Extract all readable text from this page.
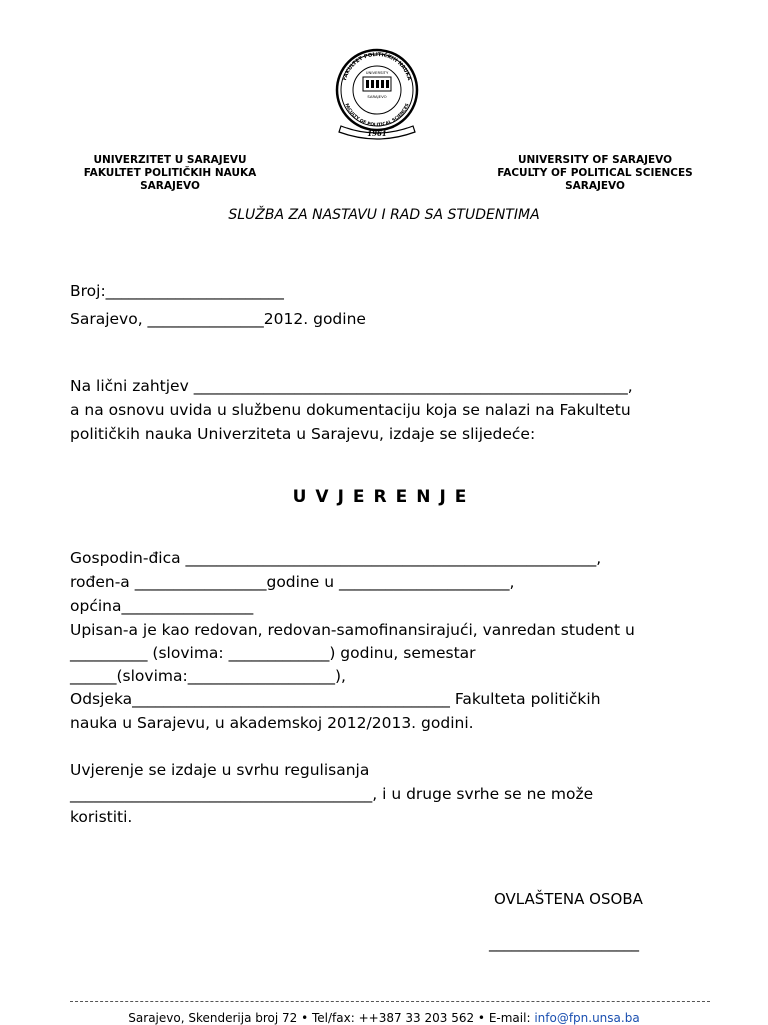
FAKULTET POLITIČKIH NAUKA
FACULTY OF POLITICAL SCIENCES
UNIVERSITY
SARAJEVO
1961
UNIVERZITET U SARAJEVU
FAKULTET POLITIČKIH NAUKA
SARAJEVO
UNIVERSITY OF SARAJEVO
FACULTY OF POLITICAL SCIENCES
SARAJEVO
SLUŽBA ZA NASTAVU I RAD SA STUDENTIMA
Broj:_______________________
Sarajevo, _______________2012. godine
Na lični zahtjev ________________________________________________________,
a na osnovu uvida u službenu dokumentaciju koja se nalazi na Fakultetu
političkih nauka Univerziteta u Sarajevu, izdaje se slijedeće:
UVJERENJE
Gospodin-đica _____________________________________________________,
rođen-a _________________godine u ______________________,
općina_________________
Upisan-a je kao redovan, redovan-samofinansirajući, vanredan student u
__________ (slovima: _____________) godinu, semestar
______(slovima:___________________),
Odsjeka_________________________________________ Fakulteta političkih
nauka u Sarajevu, u akademskoj 2012/2013. godini.
Uvjerenje se izdaje u svrhu regulisanja
_______________________________________, i u druge svrhe se ne može
koristiti.
OVLAŠTENA OSOBA
____________________
Sarajevo, Skenderija broj 72 • Tel/fax: ++387 33 203 562 • E-mail: info@fpn.unsa.ba
